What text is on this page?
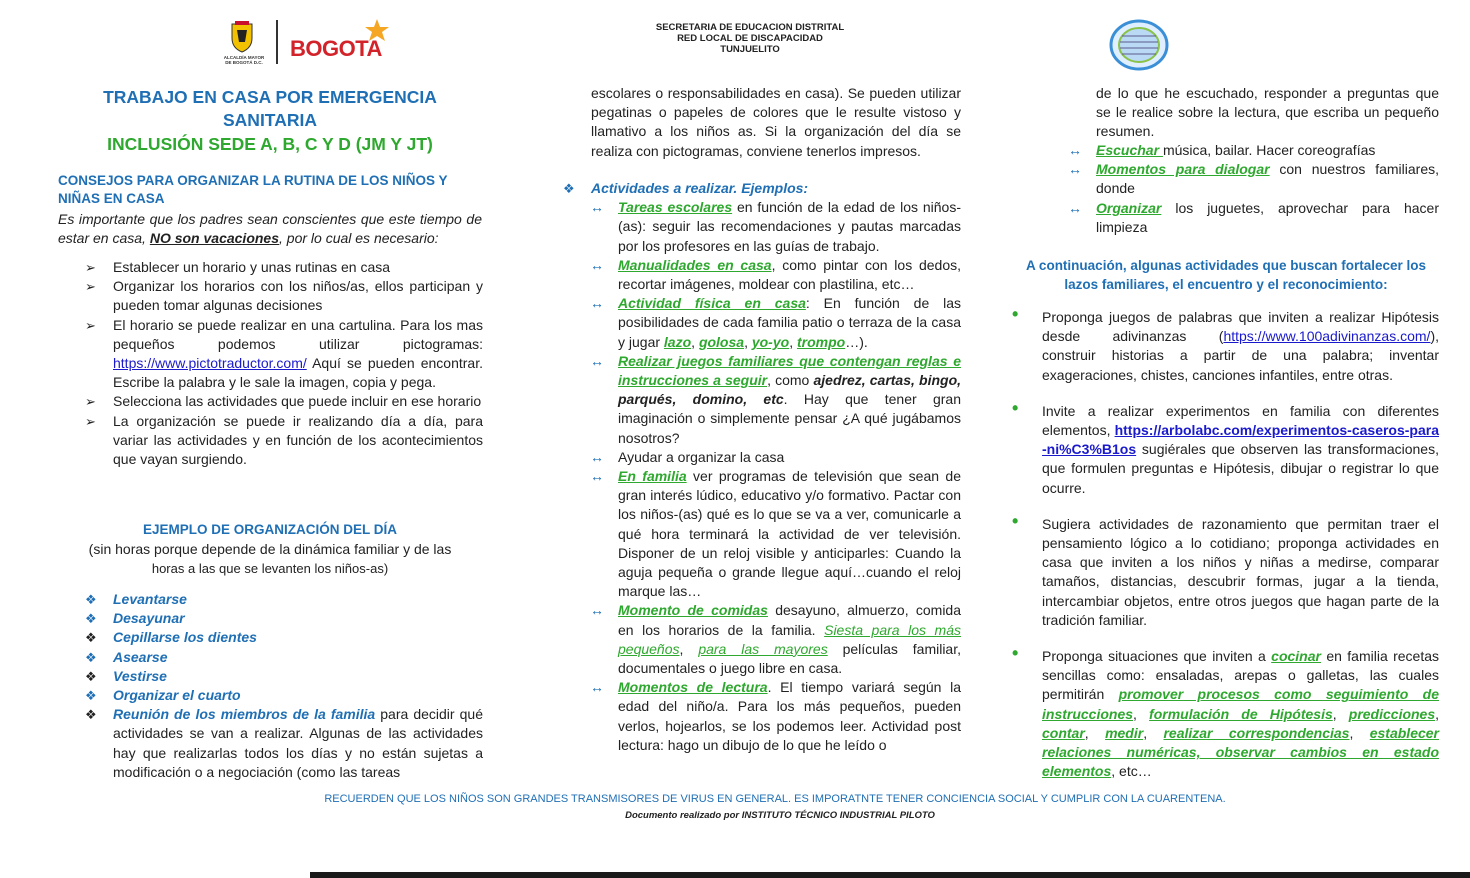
ALCALDÍA MAYOR DE BOGOTÁ D.C.
BOGOTA
SECRETARIA DE EDUCACION DISTRITAL
RED LOCAL DE DISCAPACIDAD
TUNJUELITO
TRABAJO EN CASA POR EMERGENCIA
SANITARIA
INCLUSIÓN SEDE A, B, C Y D (JM Y JT)
CONSEJOS PARA ORGANIZAR LA RUTINA DE LOS NIÑOS Y NIÑAS EN CASA
Es importante que los padres sean conscientes que este tiempo de estar en casa, NO son vacaciones, por lo cual es necesario:
➢	Establecer un horario y unas rutinas en casa
➢	Organizar los horarios con los niños/as, ellos participan y pueden tomar algunas decisiones
➢	El horario se puede realizar en una cartulina. Para los mas pequeños podemos utilizar pictogramas: https://www.pictotraductor.com/ Aquí se pueden encontrar. Escribe la palabra y le sale la imagen, copia y pega.
➢	Selecciona las actividades que puede incluir en ese horario
➢	La organización se puede ir realizando día a día, para variar las actividades y en función de los acontecimientos que vayan surgiendo.
EJEMPLO DE ORGANIZACIÓN DEL DÍA
(sin horas porque depende de la dinámica familiar y de las
horas a las que se levanten los niños-as)
❖	Levantarse
❖	Desayunar
❖	Cepillarse los dientes
❖	Asearse
❖	Vestirse
❖	Organizar el cuarto
❖	Reunión de los miembros de la familia para decidir qué actividades se van a realizar. Algunas de las actividades hay que realizarlas todos los días y no están sujetas a modificación o a negociación (como las tareas
escolares o responsabilidades en casa). Se pueden utilizar pegatinas o papeles de colores que le resulte vistoso y llamativo a los niños as. Si la organización del día se realiza con pictogramas, conviene tenerlos impresos.
❖ Actividades a realizar. Ejemplos:
↔	Tareas escolares en función de la edad de los niños-(as): seguir las recomendaciones y pautas marcadas por los profesores en las guías de trabajo.
↔	Manualidades en casa, como pintar con los dedos, recortar imágenes, moldear con plastilina, etc…
↔	Actividad física en casa: En función de las posibilidades de cada familia patio o terraza de la casa y jugar lazo, golosa, yo-yo, trompo…).
↔	Realizar juegos familiares que contengan reglas e instrucciones a seguir, como ajedrez, cartas, bingo, parqués, domino, etc. Hay que tener gran imaginación o simplemente pensar ¿A qué jugábamos nosotros?
↔	Ayudar a organizar la casa
↔	En familia ver programas de televisión que sean de gran interés lúdico, educativo y/o formativo. Pactar con los niños-(as) qué es lo que se va a ver, comunicarle a qué hora terminará la actividad de ver televisión. Disponer de un reloj visible y anticiparles: Cuando la aguja pequeña o grande llegue aquí…cuando el reloj marque las…
↔	Momento de comidas desayuno, almuerzo, comida en los horarios de la familia. Siesta para los más pequeños, para las mayores películas familiar, documentales o juego libre en casa.
↔	Momentos de lectura. El tiempo variará según la edad del niño/a. Para los más pequeños, pueden verlos, hojearlos, se los podemos leer. Actividad post lectura: hago un dibujo de lo que he leído o
de lo que he escuchado, responder a preguntas que se le realice sobre la lectura, que escriba un pequeño resumen.
↔	Escuchar música, bailar. Hacer coreografías
↔	Momentos para dialogar con nuestros familiares, donde
↔	Organizar los juguetes, aprovechar para hacer limpieza
A continuación, algunas actividades que buscan fortalecer los lazos familiares, el encuentro y el reconocimiento:
•	Proponga juegos de palabras que inviten a realizar Hipótesis desde adivinanzas (https://www.100adivinanzas.com/), construir historias a partir de una palabra; inventar exageraciones, chistes, canciones infantiles, entre otras.
•	Invite a realizar experimentos en familia con diferentes elementos, https://arbolabc.com/experimentos-caseros-para-ni%C3%B1os sugiérales que observen las transformaciones, que formulen preguntas e Hipótesis, dibujar o registrar lo que ocurre.
•	Sugiera actividades de razonamiento que permitan traer el pensamiento lógico a lo cotidiano; proponga actividades en casa que inviten a los niños y niñas a medirse, comparar tamaños, distancias, descubrir formas, jugar a la tienda, intercambiar objetos, entre otros juegos que hagan parte de la tradición familiar.
•	Proponga situaciones que inviten a cocinar en familia recetas sencillas como: ensaladas, arepas o galletas, las cuales permitirán promover procesos como seguimiento de instrucciones, formulación de Hipótesis, predicciones, contar, medir, realizar correspondencias, establecer relaciones numéricas, observar cambios en estado elementos, etc…
RECUERDEN QUE LOS NIÑOS SON GRANDES TRANSMISORES DE VIRUS EN GENERAL. ES IMPORATNTE TENER CONCIENCIA SOCIAL Y CUMPLIR CON LA CUARENTENA.
Documento realizado por INSTITUTO TÉCNICO INDUSTRIAL PILOTO
